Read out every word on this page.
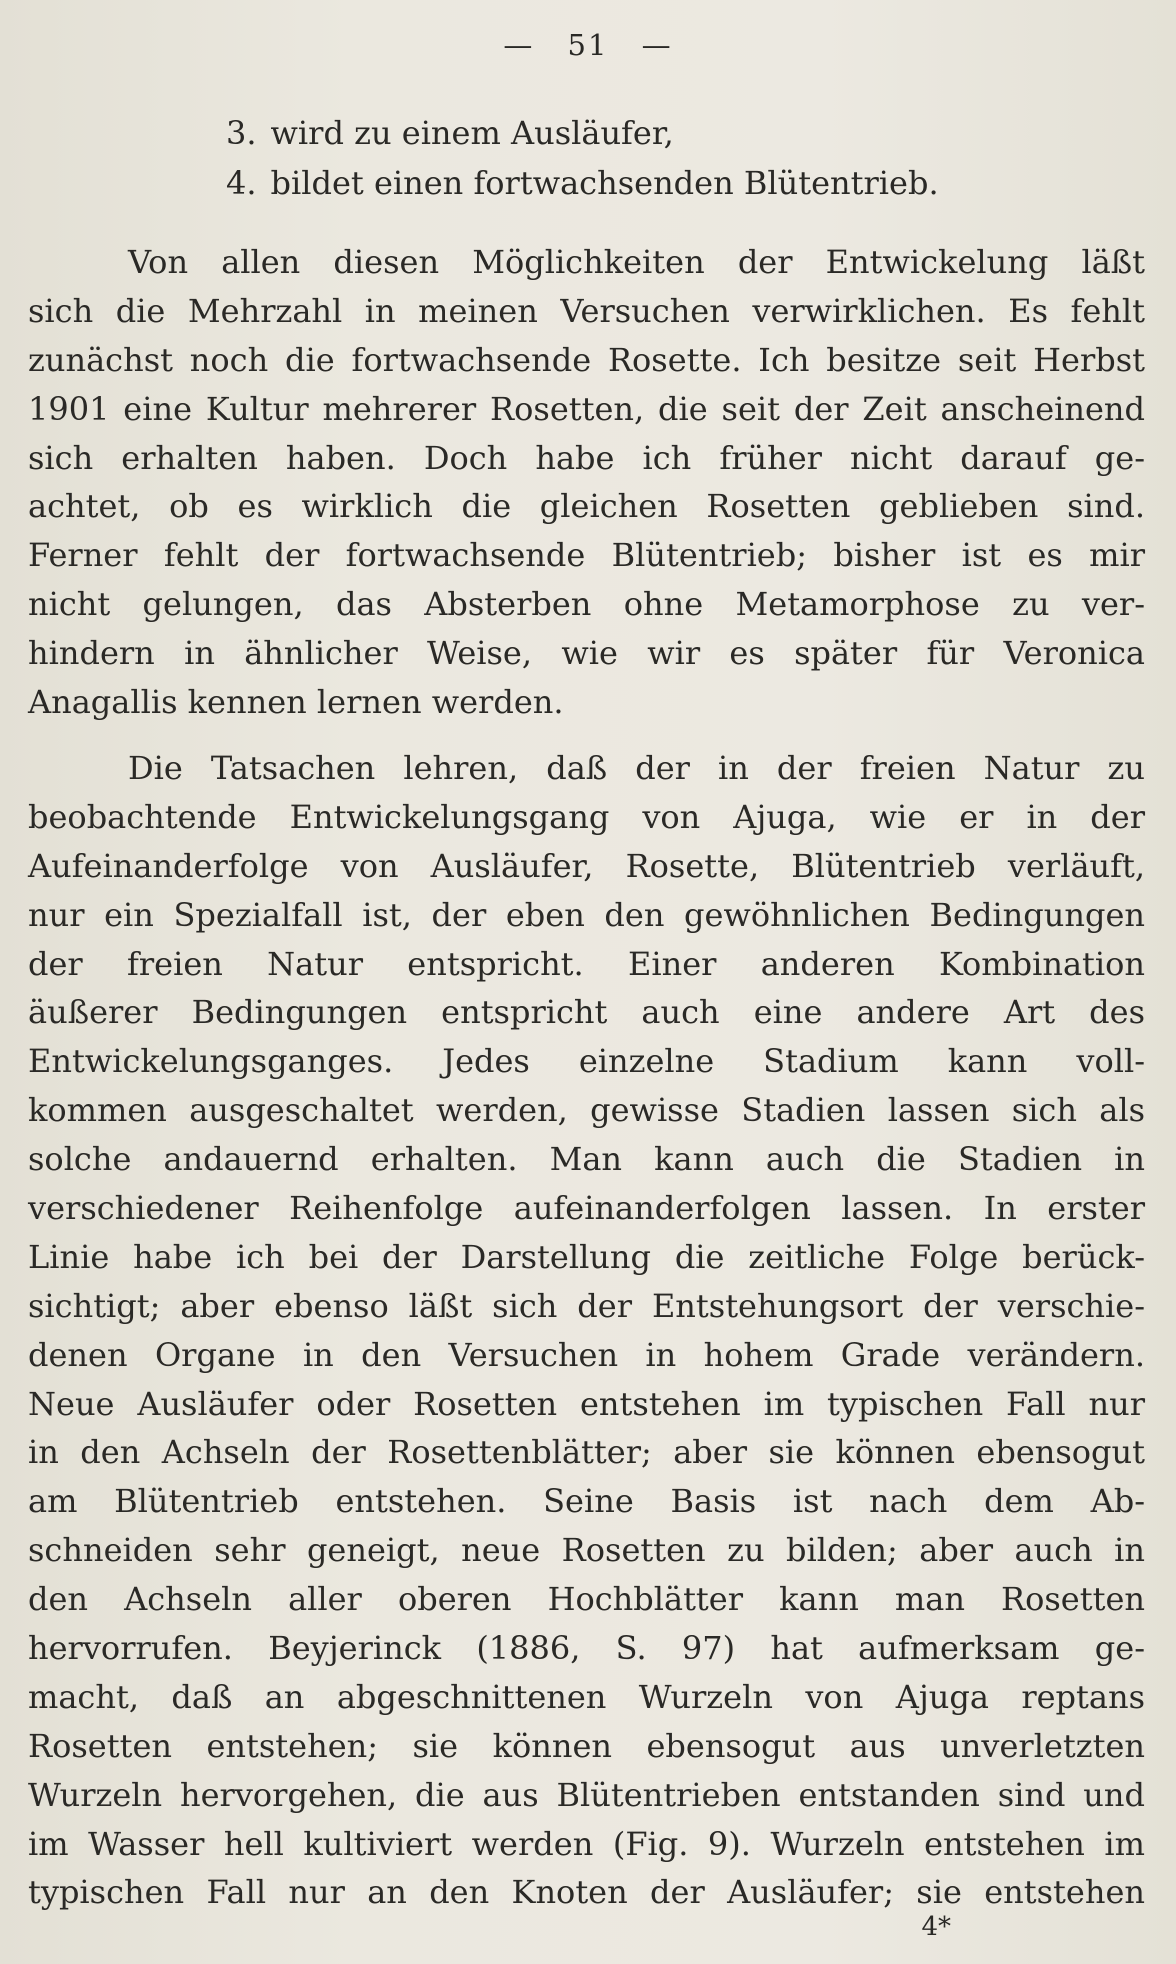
— 51 —
3. wird zu einem Ausläufer,
4. bildet einen fortwachsenden Blütentrieb.
Von allen diesen Möglichkeiten der Entwickelung läßt
sich die Mehrzahl in meinen Versuchen verwirklichen. Es fehlt
zunächst noch die fortwachsende Rosette. Ich besitze seit Herbst
1901 eine Kultur mehrerer Rosetten, die seit der Zeit anscheinend
sich erhalten haben. Doch habe ich früher nicht darauf ge-
achtet, ob es wirklich die gleichen Rosetten geblieben sind.
Ferner fehlt der fortwachsende Blütentrieb; bisher ist es mir
nicht gelungen, das Absterben ohne Metamorphose zu ver-
hindern in ähnlicher Weise, wie wir es später für Veronica
Anagallis kennen lernen werden.
Die Tatsachen lehren, daß der in der freien Natur zu
beobachtende Entwickelungsgang von Ajuga, wie er in der
Aufeinanderfolge von Ausläufer, Rosette, Blütentrieb verläuft,
nur ein Spezialfall ist, der eben den gewöhnlichen Bedingungen
der freien Natur entspricht. Einer anderen Kombination
äußerer Bedingungen entspricht auch eine andere Art des
Entwickelungsganges. Jedes einzelne Stadium kann voll-
kommen ausgeschaltet werden, gewisse Stadien lassen sich als
solche andauernd erhalten. Man kann auch die Stadien in
verschiedener Reihenfolge aufeinanderfolgen lassen. In erster
Linie habe ich bei der Darstellung die zeitliche Folge berück-
sichtigt; aber ebenso läßt sich der Entstehungsort der verschie-
denen Organe in den Versuchen in hohem Grade verändern.
Neue Ausläufer oder Rosetten entstehen im typischen Fall nur
in den Achseln der Rosettenblätter; aber sie können ebensogut
am Blütentrieb entstehen. Seine Basis ist nach dem Ab-
schneiden sehr geneigt, neue Rosetten zu bilden; aber auch in
den Achseln aller oberen Hochblätter kann man Rosetten
hervorrufen. Beyjerinck (1886, S. 97) hat aufmerksam ge-
macht, daß an abgeschnittenen Wurzeln von Ajuga reptans
Rosetten entstehen; sie können ebensogut aus unverletzten
Wurzeln hervorgehen, die aus Blütentrieben entstanden sind und
im Wasser hell kultiviert werden (Fig. 9). Wurzeln entstehen im
typischen Fall nur an den Knoten der Ausläufer; sie entstehen
4*
